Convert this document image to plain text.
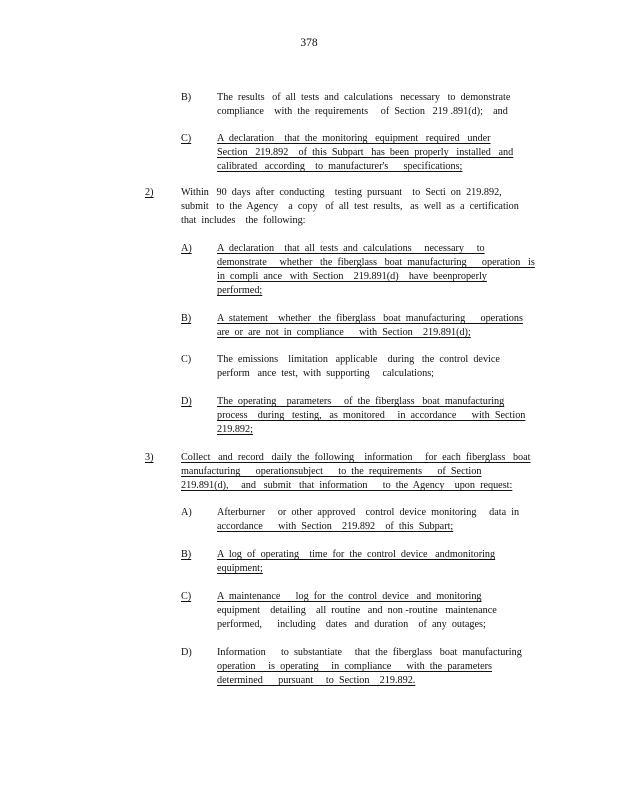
378
B)	The  results   of  all  tests  and  calculations   necessary   to  demonstrate
compliance    with  the  requirements     of  Section   219 .891(d);    and
C)	A  declaration    that  the  monitoring   equipment   required   under
Section   219.892    of  this  Subpart   has  been  properly   installed   and
calibrated   according    to  manufacturer's      specifications;
2)	Within   90  days  after  conducting    testing  pursuant    to  Secti  on  219.892,
submit   to  the  Agency    a  copy   of  all  test  results,   as  well  as  a  certification
that  includes    the  following:
A) A  declaration    that  all  tests  and  calculations     necessary     to
demonstrate     whether   the  fiberglass   boat  manufacturing      operation   is
in  compli  ance   with  Section    219.891(d)    have  beenproperly
performed;
B)	A  statement    whether   the  fiberglass   boat  manufacturing      operations
are  or  are  not  in  compliance      with  Section    219.891(d);
C)	The  emissions    limitation   applicable    during   the  control  device
perform   ance  test,  with  supporting     calculations;
D) The  operating    parameters     of  the  fiberglass   boat  manufacturing
process    during   testing,   as  monitored     in  accordance      with  Section
219.892;
3)	Collect   and  record   daily  the  following    information     for  each  fiberglass   boat
manufacturing      operationsubject      to  the  requirements      of  Section
219.891(d),     and   submit   that  information      to  the  Agency    upon  request:
A) Afterburner     or  other  approved    control  device  monitoring     data  in
accordance      with  Section    219.892    of  this  Subpart;
B)	A  log  of  operating    time  for  the  control  device   andmonitoring
equipment;
C)	A  maintenance      log  for  the  control  device   and  monitoring
equipment    detailing    all  routine   and  non -routine   maintenance
performed,      including    dates   and  duration    of  any  outages;
D) Information      to  substantiate     that  the  fiberglass   boat  manufacturing
operation     is  operating     in  compliance      with  the  parameters
determined      pursuant     to  Section    219.892.
